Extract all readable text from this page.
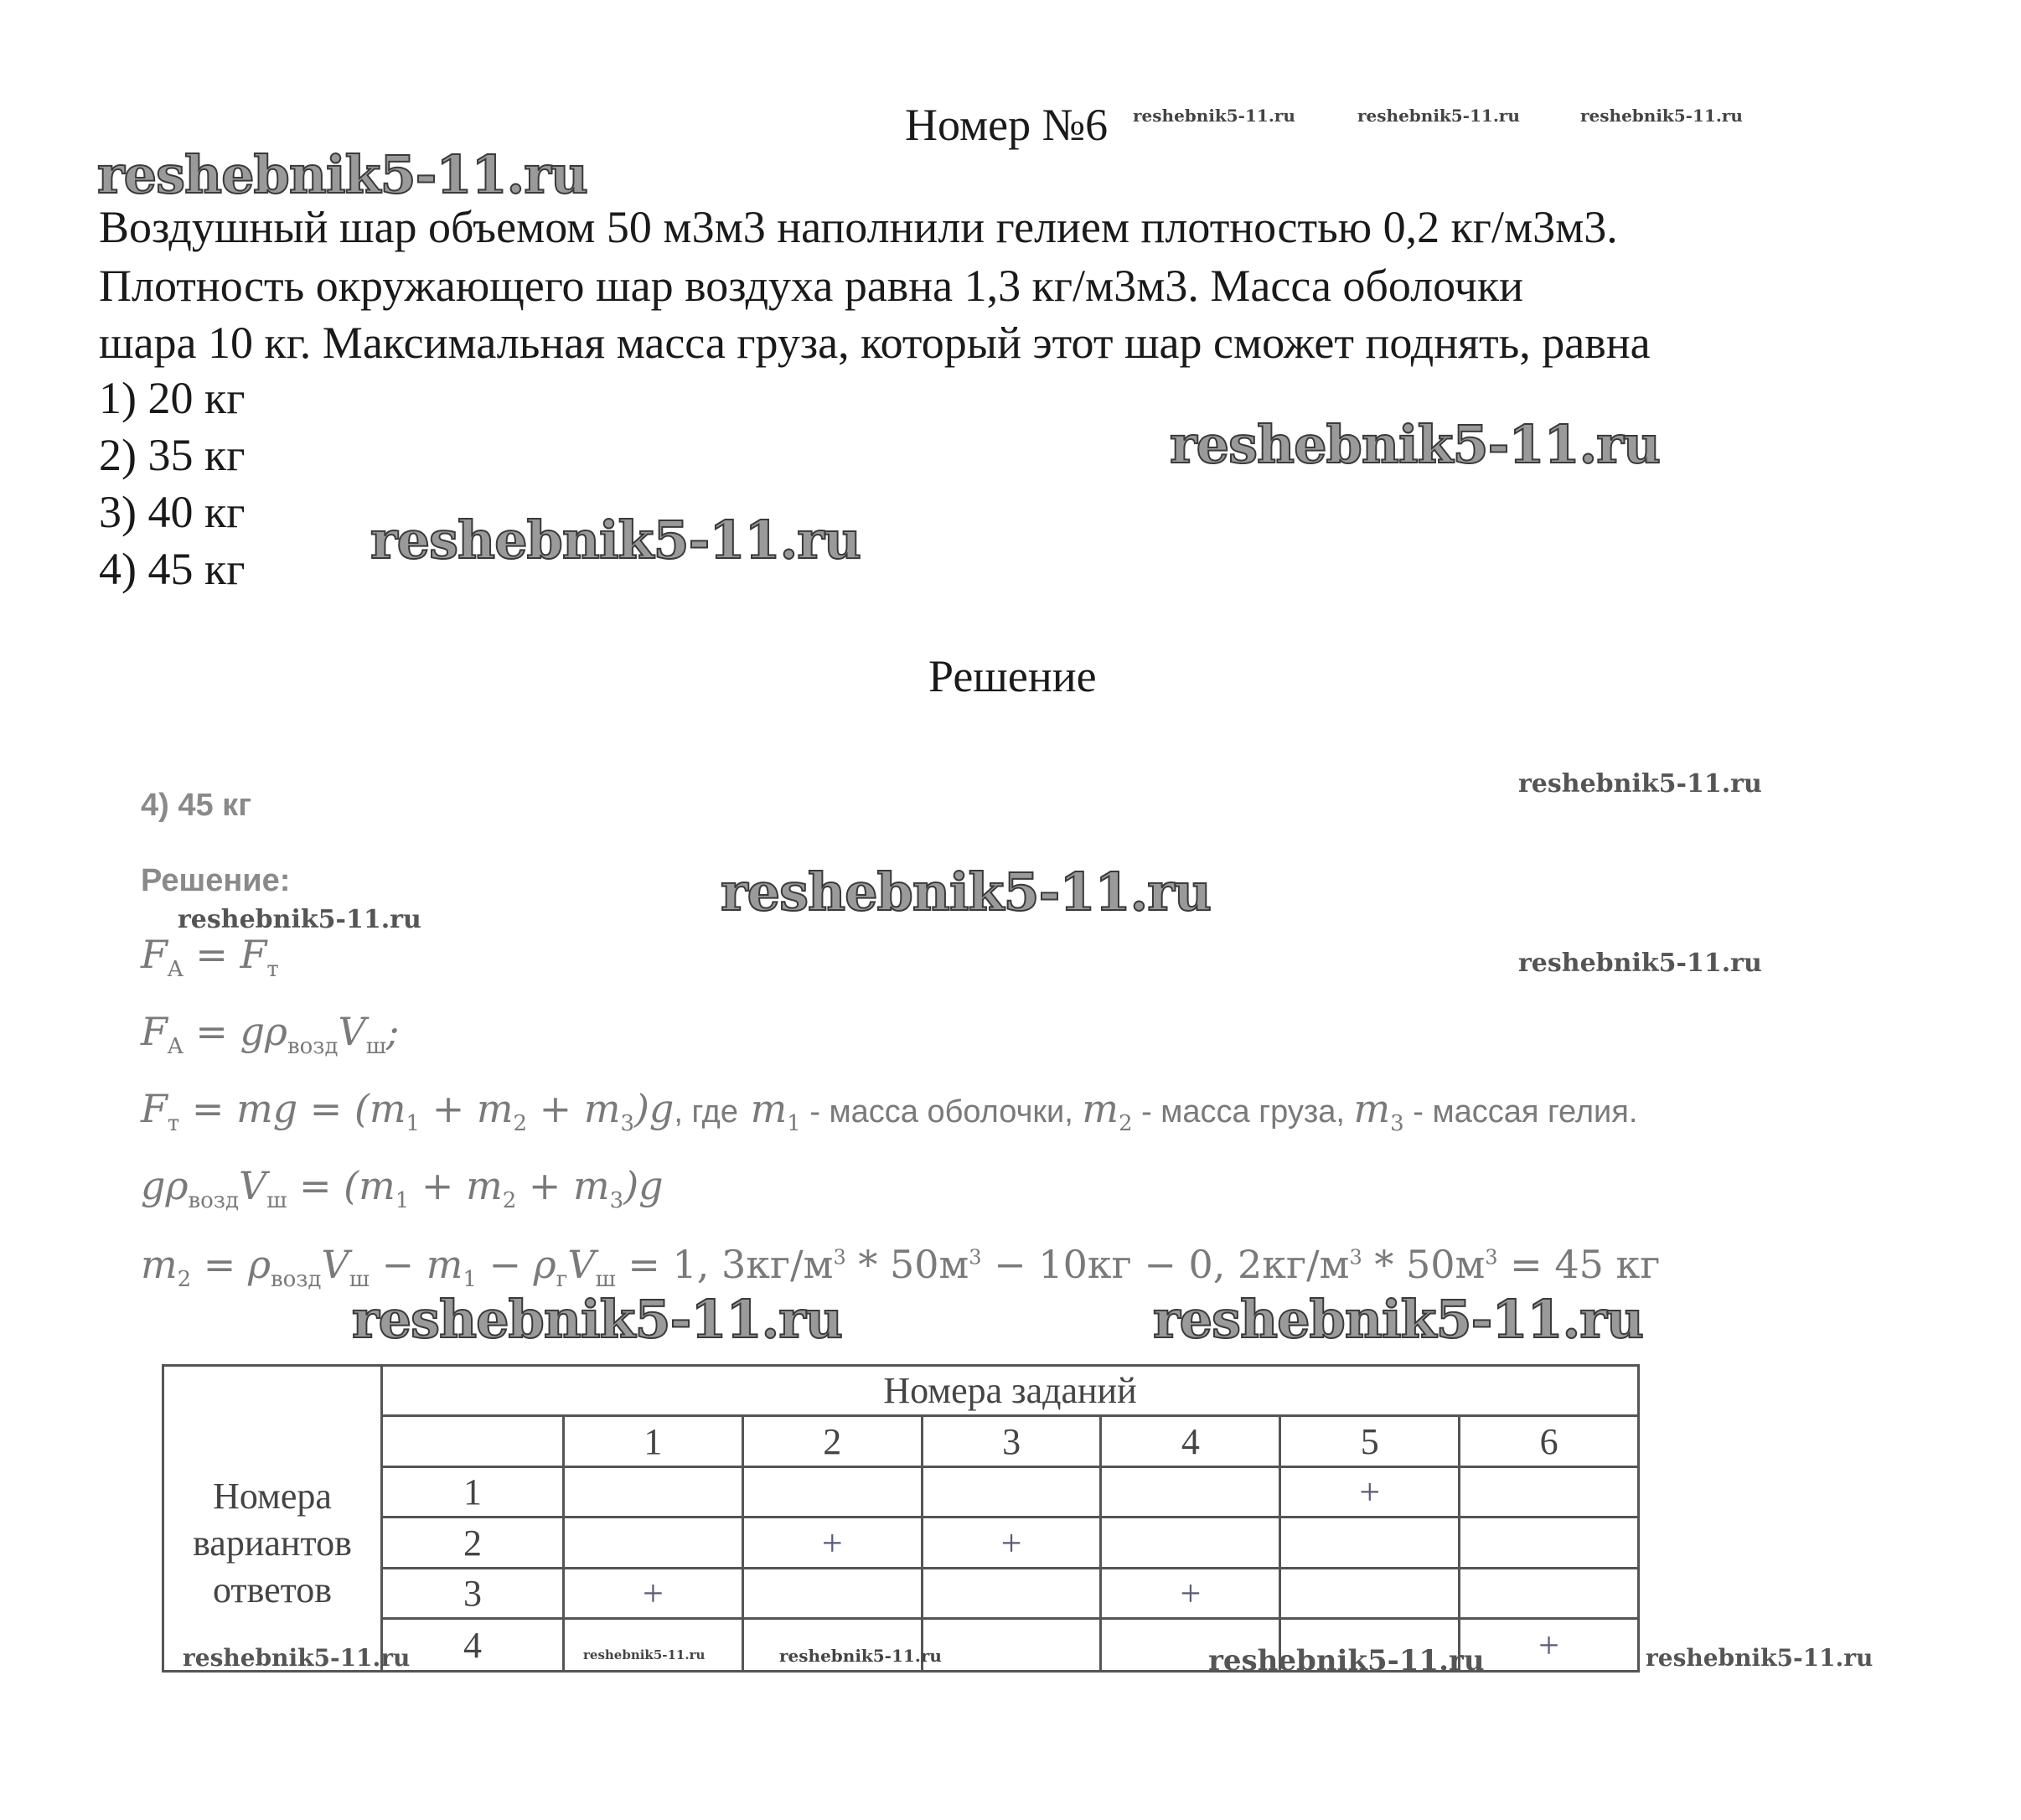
Номер №6 reshebnik5-11.ru	reshebnik5-11.ru	reshebnik5-11.ru
reshebnik5-11.ru
Воздушный шар объемом 50 м3м3 наполнили гелием плотностью 0,2 кг/м3м3.
Плотность окружающего шар воздуха равна 1,3 кг/м3м3. Масса оболочки
шара 10 кг. Максимальная масса груза, который этот шар сможет поднять, равна
1) 20 кг
2) 35 кг
3) 40 кг
4) 45 кг
reshebnik5-11.ru
reshebnik5-11.ru
Решение
reshebnik5-11.ru
4) 45 кг
Решение:	reshebnik5-11.ru
reshebnik5-11.ru
reshebnik5-11.ru
$F_A = F_т$
$F_A = g\rho_{возд}V_ш$;
$F_т$ = mg = $(m_1 + m_2 + m_3)g$, где $m_1$ - масса оболочки, $m_2$ - масса груза, $m_3$ - массая гелия.
$g\rho_{возд}V_ш = (m_1 + m_2 + m_3)g$
$m_2 = \rho_{возд}V_ш - m_1 - \rho_гV_ш = 1$, $3кг/м^3 * 50м^3 - 10кг - 0$, $2кг/м^3 * 50м^3 = 45$ кг
reshebnik5-11.ru	reshebnik5-11.ru
Номера вариантов ответов	Номера заданий						
		1	2	3	4	5	6
	1					+	
	2		+	+			
	3	+			+		
	4						+
reshebnik5-11.ru	reshebnik5-11.ru	reshebnik5-11.ru	reshebnik5-11.ru	reshebnik5-11.ru
